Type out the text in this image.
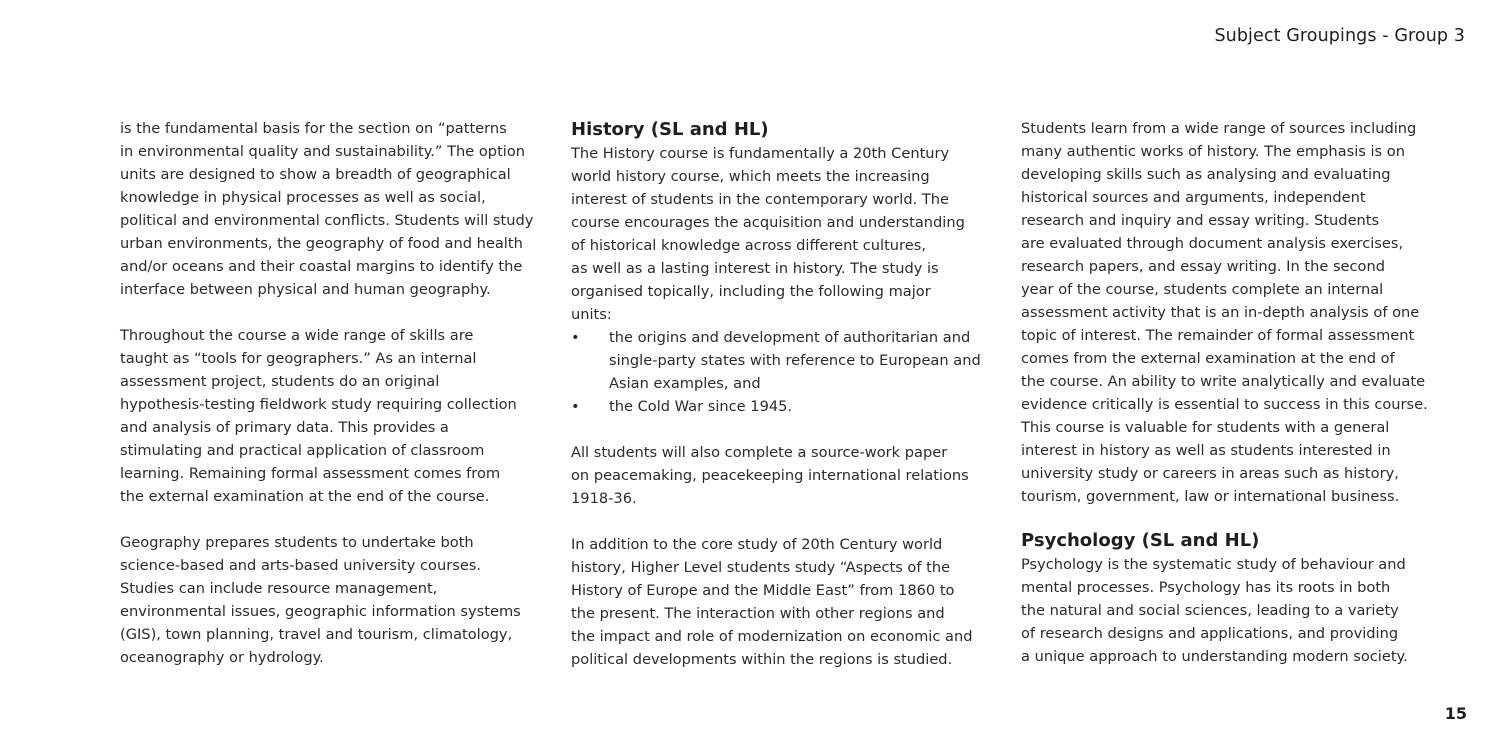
Subject Groupings - Group 3
is the fundamental basis for the section on “patterns
in environmental quality and sustainability.” The option
units are designed to show a breadth of geographical
knowledge in physical processes as well as social,
political and environmental conflicts. Students will study
urban environments, the geography of food and health
and/or oceans and their coastal margins to identify the
interface between physical and human geography.
Throughout the course a wide range of skills are
taught as “tools for geographers.” As an internal
assessment project, students do an original
hypothesis-testing fieldwork study requiring collection
and analysis of primary data. This provides a
stimulating and practical application of classroom
learning. Remaining formal assessment comes from
the external examination at the end of the course.
Geography prepares students to undertake both
science-based and arts-based university courses.
Studies can include resource management,
environmental issues, geographic information systems
(GIS), town planning, travel and tourism, climatology,
oceanography or hydrology.
History (SL and HL)
The History course is fundamentally a 20th Century
world history course, which meets the increasing
interest of students in the contemporary world. The
course encourages the acquisition and understanding
of historical knowledge across different cultures,
as well as a lasting interest in history. The study is
organised topically, including the following major
units:
•	the origins and development of authoritarian and
single-party states with reference to European and
Asian examples, and
•	the Cold War since 1945.
All students will also complete a source-work paper
on peacemaking, peacekeeping international relations
1918-36.
In addition to the core study of 20th Century world
history, Higher Level students study “Aspects of the
History of Europe and the Middle East” from 1860 to
the present. The interaction with other regions and
the impact and role of modernization on economic and
political developments within the regions is studied.
Students learn from a wide range of sources including
many authentic works of history. The emphasis is on
developing skills such as analysing and evaluating
historical sources and arguments, independent
research and inquiry and essay writing. Students
are evaluated through document analysis exercises,
research papers, and essay writing. In the second
year of the course, students complete an internal
assessment activity that is an in-depth analysis of one
topic of interest. The remainder of formal assessment
comes from the external examination at the end of
the course. An ability to write analytically and evaluate
evidence critically is essential to success in this course.
This course is valuable for students with a general
interest in history as well as students interested in
university study or careers in areas such as history,
tourism, government, law or international business.
Psychology (SL and HL)
Psychology is the systematic study of behaviour and
mental processes. Psychology has its roots in both
the natural and social sciences, leading to a variety
of research designs and applications, and providing
a unique approach to understanding modern society.
15
